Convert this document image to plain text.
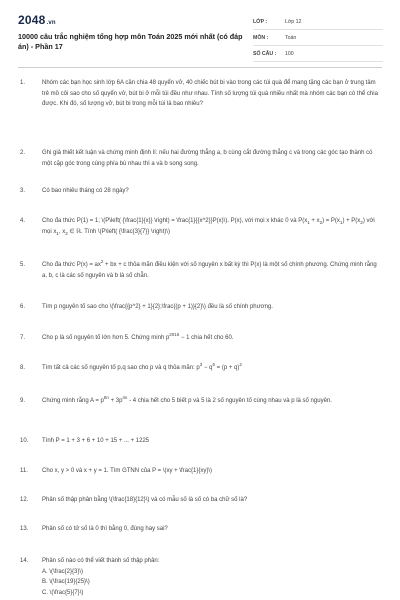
2048.vn
10000 câu trắc nghiệm tổng hợp môn Toán 2025 mới nhất (có đáp án) - Phần 17
LỚP :	Lớp 12
MÔN :	Toán
SỐ CÂU :	100
1.	Nhóm các bạn học sinh lớp 6A cần chia 48 quyển vở, 40 chiếc bút bi vào trong các túi quà để mang tặng các bạn ở trung tâm trẻ mồ côi sao cho số quyển vở, bút bi ở mỗi túi đều như nhau. Tính số lượng túi quà nhiều nhất mà nhóm các bạn có thể chia được. Khi đó, số lượng vở, bút bi trong mỗi túi là bao nhiêu?
2.	Ghi giả thiết kết luận và chứng minh định lí: nếu hai đường thẳng a, b cùng cắt đường thẳng c và trong các góc tạo thành có một cặp góc trong cùng phía bù nhau thì a và b song song.
3.	Có bao nhiêu tháng có 28 ngày?
4.	Cho đa thức P(1) = 1; \(P\left( {\frac{1}{x}} \right) = \frac{1}{{x^2}}P(x)\). P(x), với mọi x khác 0 và $P(x_1 + x_2) = P(x_1) + P(x_2)$ với mọi $x_1$, $x_2$ ∈ ℝ. Tính \(P\left( {\frac{3}{7}} \right)\)
5.	Cho đa thức $P(x) = ax^2$ + bx + c thỏa mãn điều kiện với số nguyên x bất kỳ thì P(x) là một số chính phương. Chứng minh rằng a, b, c là các số nguyên và b là số chẵn.
6.	Tìm p nguyên tố sao cho \(\frac{{p^2} + 1}{2};\frac{(p + 1)}{2}\) đều là số chính phương.
7.	Cho p là số nguyên tố lớn hơn 5. Chứng minh $p^{2016} - 1$ chia hết cho 60.
8.	Tìm tất cả các số nguyên tố p,q sao cho p và q thỏa mãn: $p^3 - q^5 = (p + q)^2$
9.	Chứng minh rằng $A = p^{8n} + 3p^{4n} - 4$ chia hết cho 5 biết p và 5 là 2 số nguyên tố cùng nhau và p là số nguyên.
10.	Tính P = 1 + 3 + 6 + 10 + 15 + ... + 1225
11.	Cho x, y > 0 và x + y = 1. Tìm GTNN của P = \(xy + \frac{1}{xy}\)
12.	Phân số thập phân bằng \(\frac{18}{12}\) và có mẫu số là số có ba chữ số là?
13.	Phân số có tử số là 0 thì bằng 0, đúng hay sai?
14.	Phân số nào có thể viết thành số thập phân:
A. \(\frac{2}{3}\)
B. \(\frac{19}{25}\)
C. \(\frac{5}{7}\)
